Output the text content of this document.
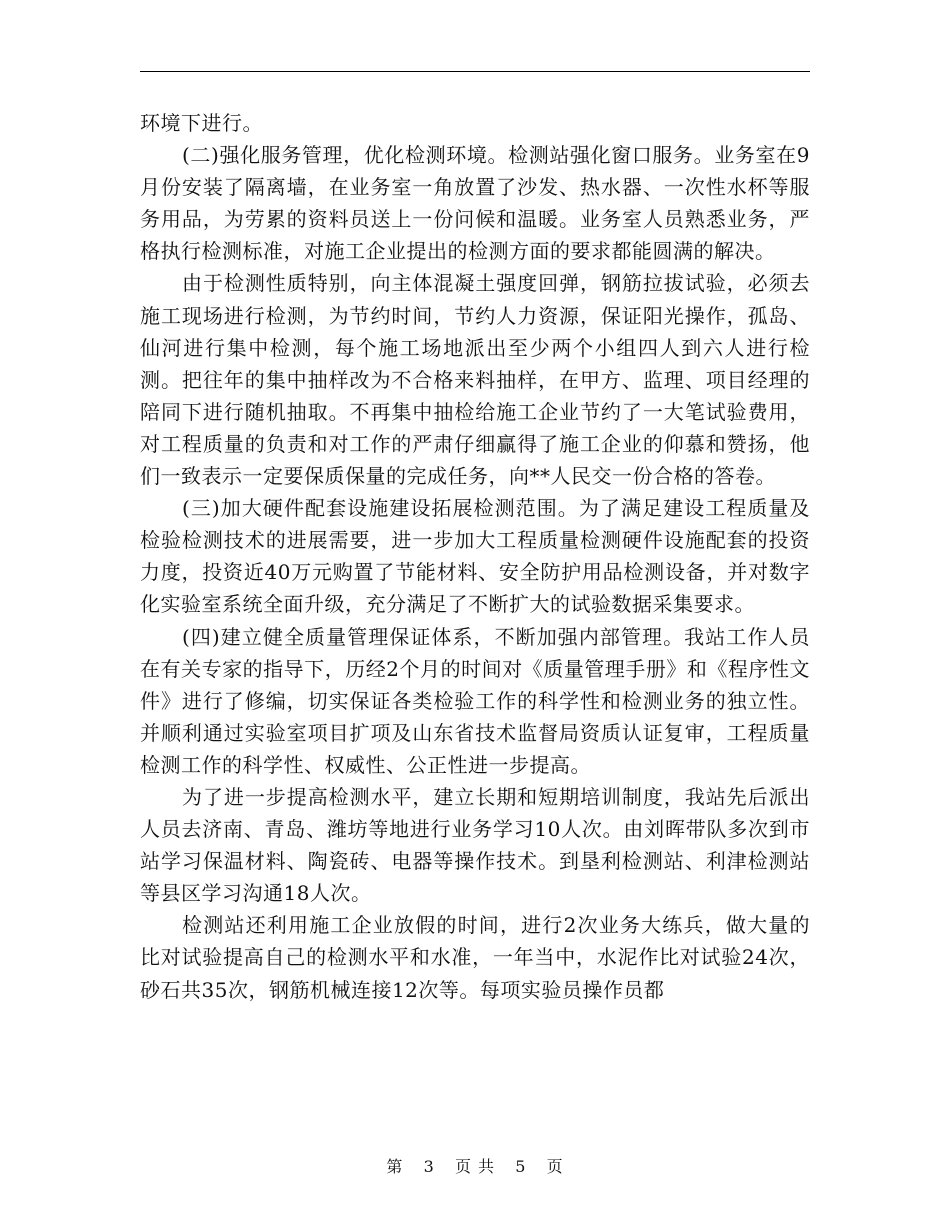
环境下进行。

(二)强化服务管理，优化检测环境。检测站强化窗口服务。业务室在9月份安装了隔离墙，在业务室一角放置了沙发、热水器、一次性水杯等服务用品，为劳累的资料员送上一份问候和温暖。业务室人员熟悉业务，严格执行检测标准，对施工企业提出的检测方面的要求都能圆满的解决。

由于检测性质特别，向主体混凝土强度回弹，钢筋拉拔试验，必须去施工现场进行检测，为节约时间，节约人力资源，保证阳光操作，孤岛、仙河进行集中检测，每个施工场地派出至少两个小组四人到六人进行检测。把往年的集中抽样改为不合格来料抽样，在甲方、监理、项目经理的陪同下进行随机抽取。不再集中抽检给施工企业节约了一大笔试验费用，对工程质量的负责和对工作的严肃仔细赢得了施工企业的仰慕和赞扬，他们一致表示一定要保质保量的完成任务，向**人民交一份合格的答卷。

(三)加大硬件配套设施建设拓展检测范围。为了满足建设工程质量及检验检测技术的进展需要，进一步加大工程质量检测硬件设施配套的投资力度，投资近40万元购置了节能材料、安全防护用品检测设备，并对数字化实验室系统全面升级，充分满足了不断扩大的试验数据采集要求。

(四)建立健全质量管理保证体系，不断加强内部管理。我站工作人员在有关专家的指导下，历经2个月的时间对《质量管理手册》和《程序性文件》进行了修编，切实保证各类检验工作的科学性和检测业务的独立性。并顺利通过实验室项目扩项及山东省技术监督局资质认证复审，工程质量检测工作的科学性、权威性、公正性进一步提高。

为了进一步提高检测水平，建立长期和短期培训制度，我站先后派出人员去济南、青岛、潍坊等地进行业务学习10人次。由刘晖带队多次到市站学习保温材料、陶瓷砖、电器等操作技术。到垦利检测站、利津检测站等县区学习沟通18人次。

检测站还利用施工企业放假的时间，进行2次业务大练兵，做大量的比对试验提高自己的检测水平和水准，一年当中，水泥作比对试验24次，砂石共35次，钢筋机械连接12次等。每项实验员操作员都

第 3 页 共 5 页
